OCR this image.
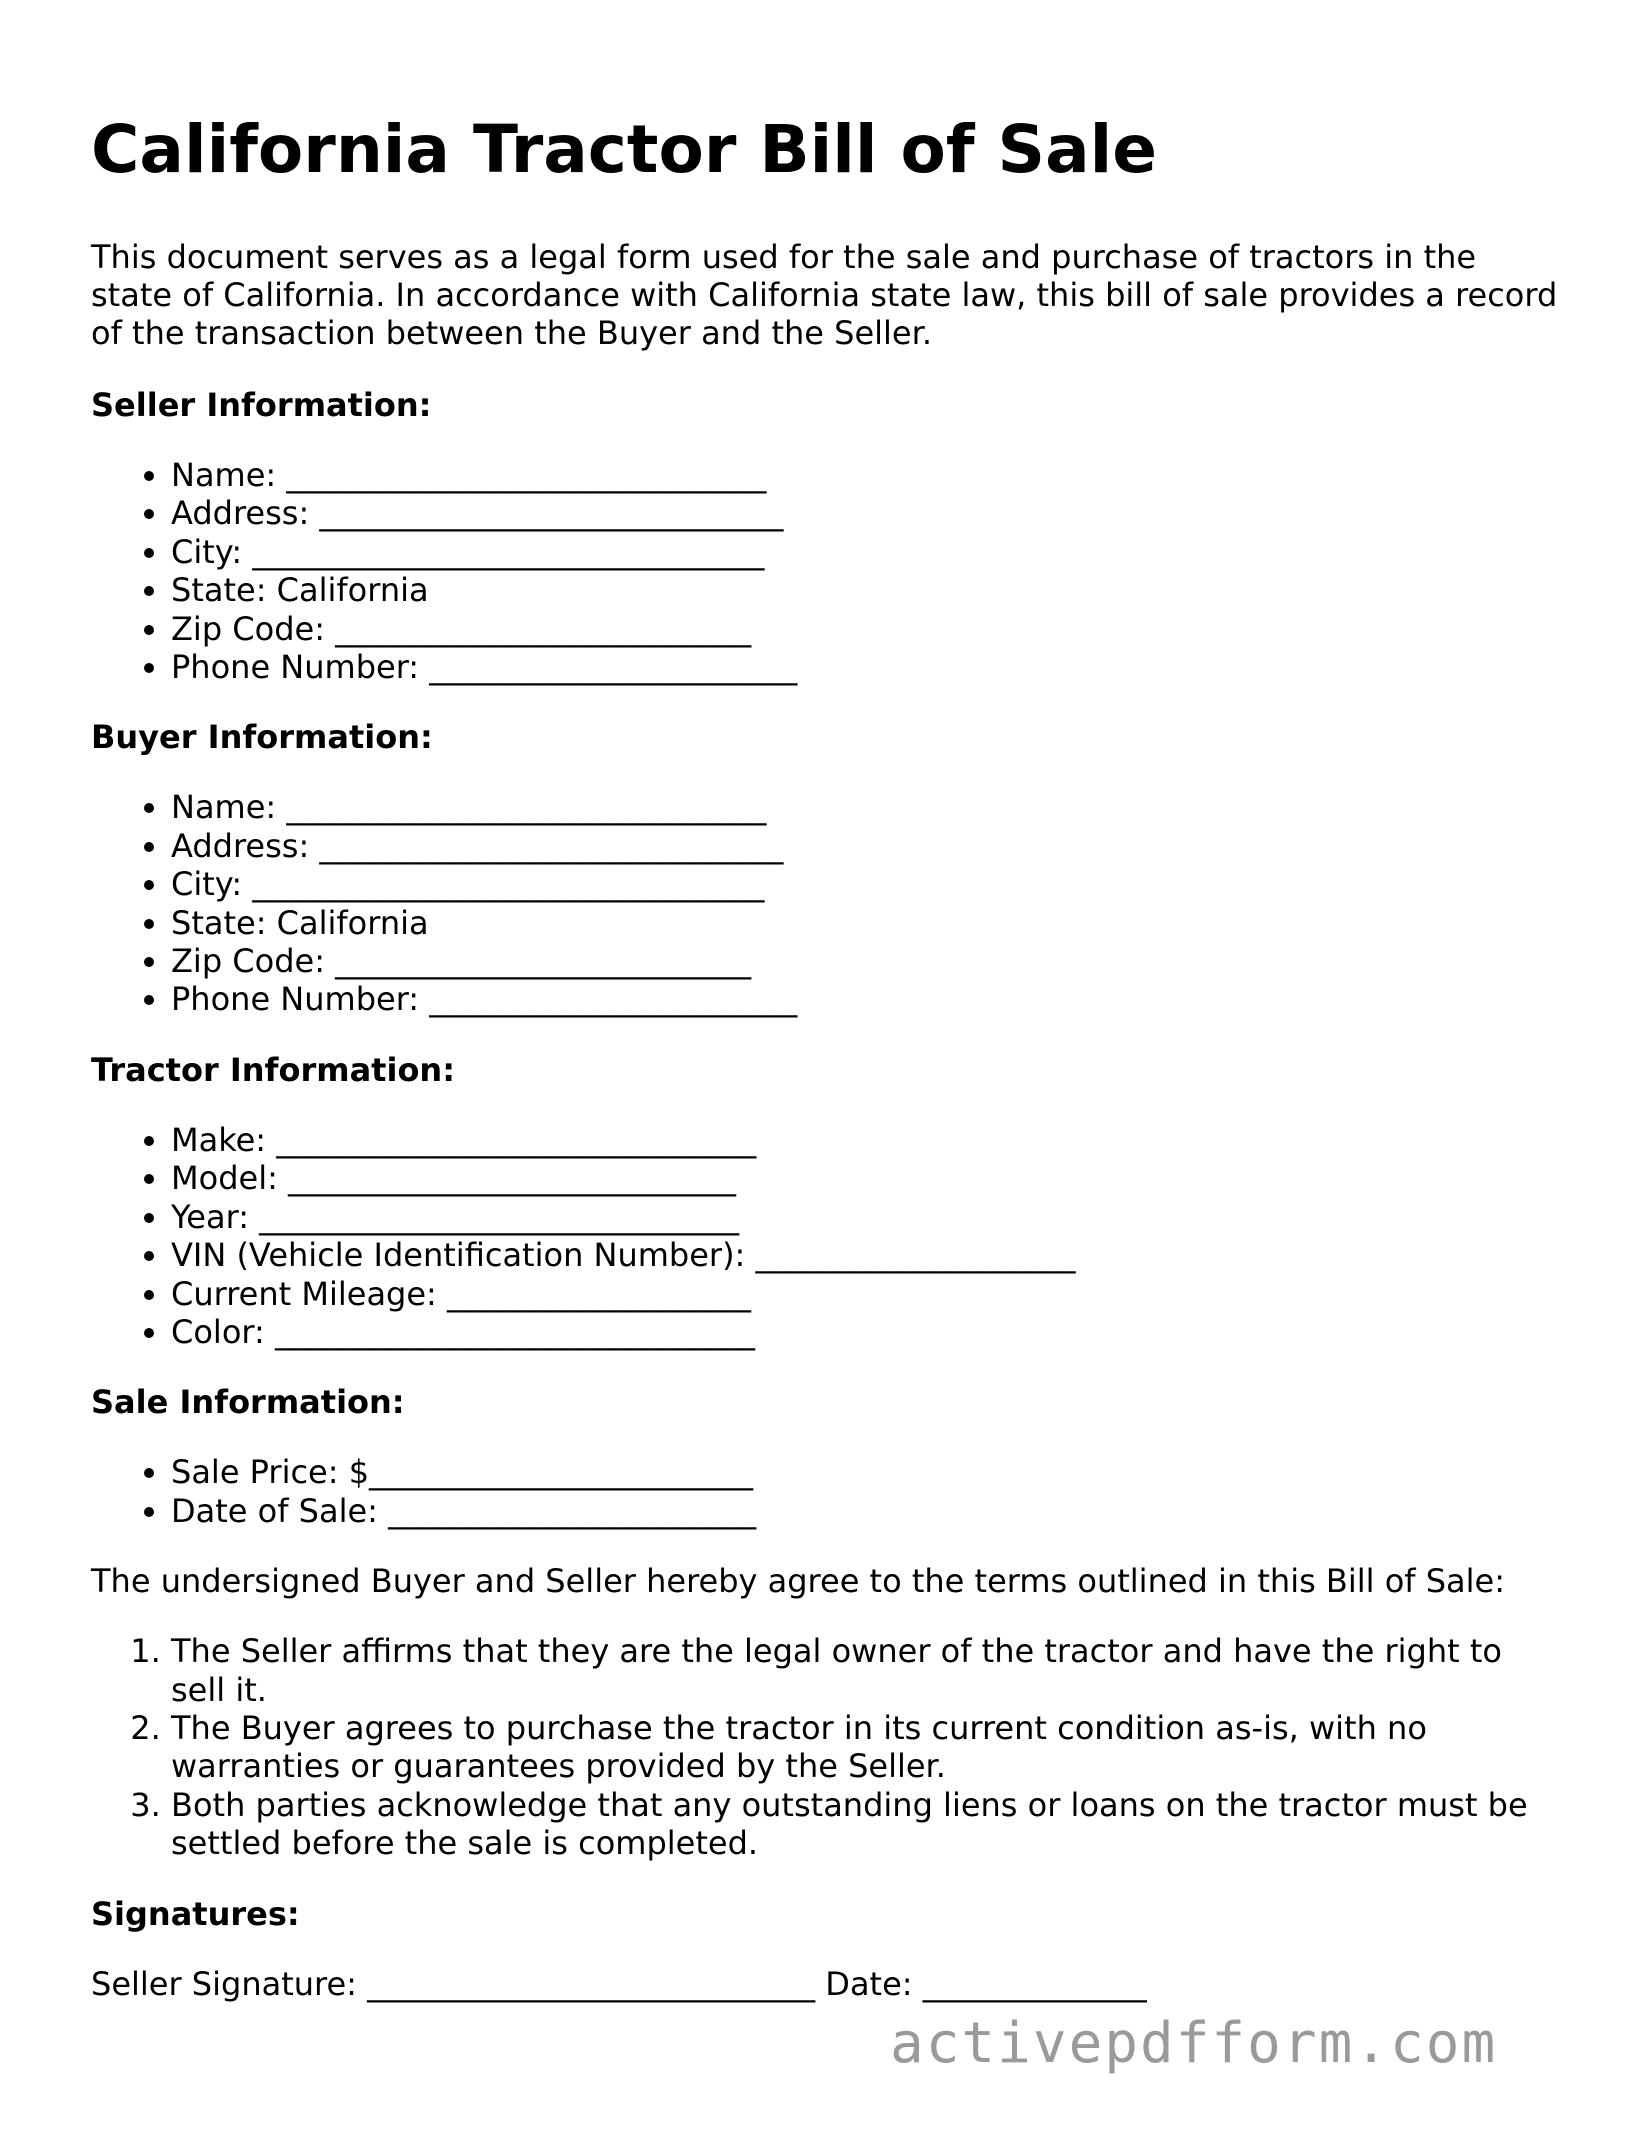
California Tractor Bill of Sale

This document serves as a legal form used for the sale and purchase of tractors in the state of California. In accordance with California state law, this bill of sale provides a record of the transaction between the Buyer and the Seller.

Seller Information:
• Name: ______________________________
• Address: _____________________________
• City: ________________________________
• State: California
• Zip Code: __________________________
• Phone Number: _______________________
Buyer Information:
• Name: ______________________________
• Address: _____________________________
• City: ________________________________
• State: California
• Zip Code: __________________________
• Phone Number: _______________________
Tractor Information:
• Make: ______________________________
• Model: ____________________________
• Year: ______________________________
• VIN (Vehicle Identification Number): ____________________
• Current Mileage: ___________________
• Color: ______________________________
Sale Information:
• Sale Price: $________________________
• Date of Sale: _______________________

The undersigned Buyer and Seller hereby agree to the terms outlined in this Bill of Sale:

1. The Seller affirms that they are the legal owner of the tractor and have the right to sell it.
2. The Buyer agrees to purchase the tractor in its current condition as-is, with no warranties or guarantees provided by the Seller.
3. Both parties acknowledge that any outstanding liens or loans on the tractor must be settled before the sale is completed.
Signatures:

Seller Signature: ____________________________ Date: ______________

activepdfform.com
